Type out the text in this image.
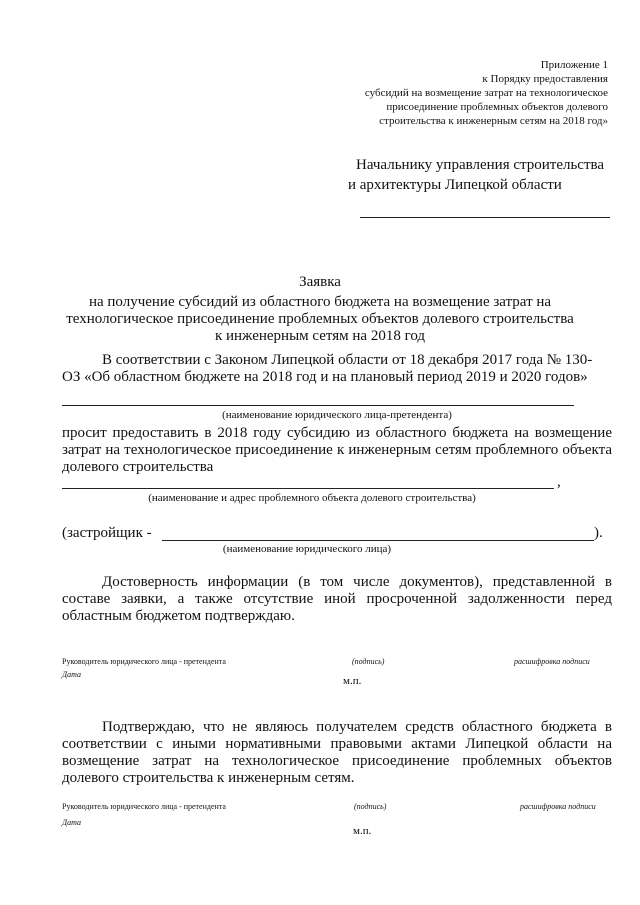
Приложение 1
к Порядку предоставления
субсидий на возмещение затрат на технологическое
присоединение проблемных объектов долевого
строительства к инженерным сетям на 2018 год»
Начальнику управления строительства
и архитектуры Липецкой области
Заявка
на получение субсидий из областного бюджета на возмещение затрат на
технологическое присоединение проблемных объектов долевого строительства
к инженерным сетям на 2018 год
В соответствии с Законом Липецкой области от 18 декабря 2017 года № 130-
ОЗ «Об областном бюджете на 2018 год и на плановый период 2019 и 2020 годов»
(наименование юридического лица-претендента)
просит предоставить в 2018 году субсидию из областного бюджета на возмещение затрат на технологическое присоединение к инженерным сетям проблемного объекта долевого строительства
,
(наименование и адрес проблемного объекта долевого строительства)
(застройщик -	).
(наименование юридического лица)
Достоверность информации (в том числе документов), представленной в составе заявки, а также отсутствие иной просроченной задолженности перед областным бюджетом подтверждаю.
Руководитель юридического лица - претендента	(подпись)	расшифровка подписи
Дата
м.п.
Подтверждаю, что не являюсь получателем средств областного бюджета в соответствии с иными нормативными правовыми актами Липецкой области на возмещение затрат на технологическое присоединение проблемных объектов долевого строительства к инженерным сетям.
Руководитель юридического лица - претендента	(подпись)	расшифровка подписи
Дата
м.п.
